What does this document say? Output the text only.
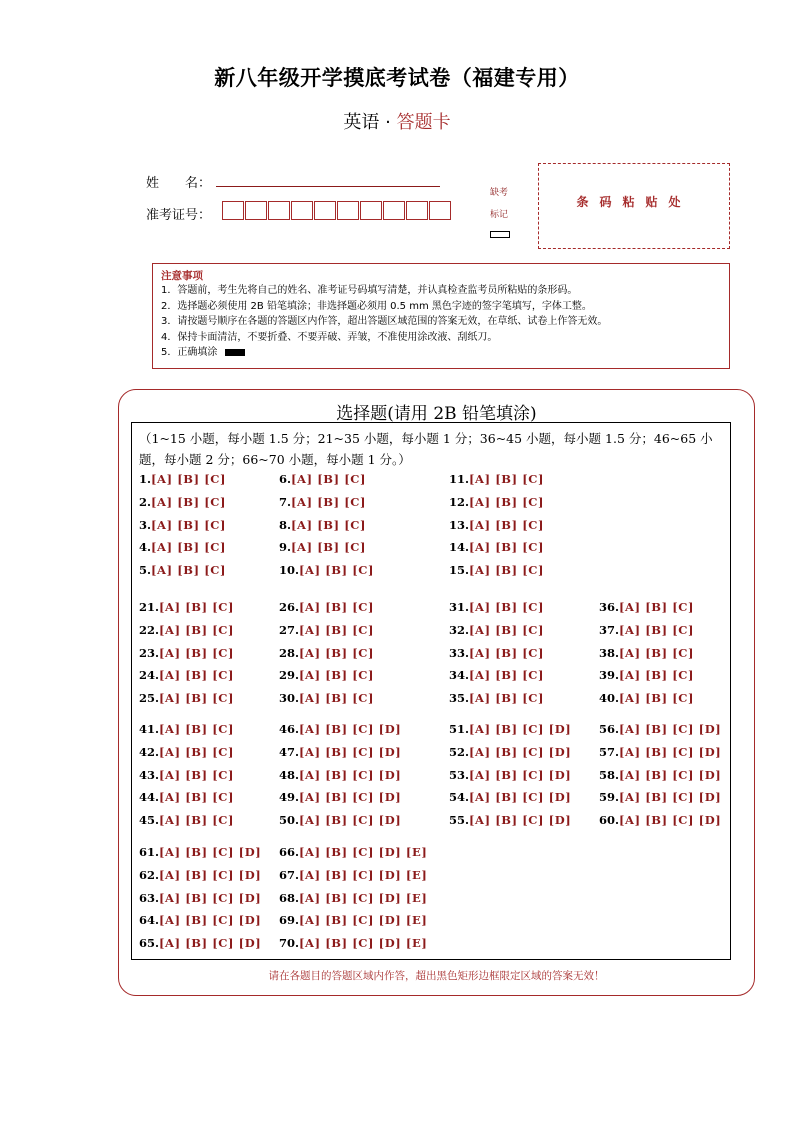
新八年级开学摸底考试卷（福建专用）
英语 · 答题卡
姓　　名：
准考证号：
缺考
标记
条码粘贴处
注意事项
1．答题前，考生先将自己的姓名、准考证号码填写清楚，并认真检查监考员所粘贴的条形码。
2．选择题必须使用 2B 铅笔填涂；非选择题必须用 0.5 mm 黑色字迹的签字笔填写，字体工整。
3．请按题号顺序在各题的答题区内作答，超出答题区域范围的答案无效，在草纸、试卷上作答无效。
4．保持卡面清洁，不要折叠、不要弄破、弄皱，不准使用涂改液、刮纸刀。
5．正确填涂
选择题(请用 2B 铅笔填涂)
（1~15 小题，每小题 1.5 分；21~35 小题，每小题 1 分；36~45 小题，每小题 1.5 分；46~65 小题，每小题 2 分；66~70 小题，每小题 1 分。）
1.[A] [B] [C]
2.[A] [B] [C]
3.[A] [B] [C]
4.[A] [B] [C]
5.[A] [B] [C]
6.[A] [B] [C]
7.[A] [B] [C]
8.[A] [B] [C]
9.[A] [B] [C]
10.[A] [B] [C]
11.[A] [B] [C]
12.[A] [B] [C]
13.[A] [B] [C]
14.[A] [B] [C]
15.[A] [B] [C]
21.[A] [B] [C]
22.[A] [B] [C]
23.[A] [B] [C]
24.[A] [B] [C]
25.[A] [B] [C]
26.[A] [B] [C]
27.[A] [B] [C]
28.[A] [B] [C]
29.[A] [B] [C]
30.[A] [B] [C]
31.[A] [B] [C]
32.[A] [B] [C]
33.[A] [B] [C]
34.[A] [B] [C]
35.[A] [B] [C]
36.[A] [B] [C]
37.[A] [B] [C]
38.[A] [B] [C]
39.[A] [B] [C]
40.[A] [B] [C]
41.[A] [B] [C]
42.[A] [B] [C]
43.[A] [B] [C]
44.[A] [B] [C]
45.[A] [B] [C]
46.[A] [B] [C] [D]
47.[A] [B] [C] [D]
48.[A] [B] [C] [D]
49.[A] [B] [C] [D]
50.[A] [B] [C] [D]
51.[A] [B] [C] [D]
52.[A] [B] [C] [D]
53.[A] [B] [C] [D]
54.[A] [B] [C] [D]
55.[A] [B] [C] [D]
56.[A] [B] [C] [D]
57.[A] [B] [C] [D]
58.[A] [B] [C] [D]
59.[A] [B] [C] [D]
60.[A] [B] [C] [D]
61.[A] [B] [C] [D]
62.[A] [B] [C] [D]
63.[A] [B] [C] [D]
64.[A] [B] [C] [D]
65.[A] [B] [C] [D]
66.[A] [B] [C] [D] [E]
67.[A] [B] [C] [D] [E]
68.[A] [B] [C] [D] [E]
69.[A] [B] [C] [D] [E]
70.[A] [B] [C] [D] [E]
请在各题目的答题区域内作答，超出黑色矩形边框限定区域的答案无效！
